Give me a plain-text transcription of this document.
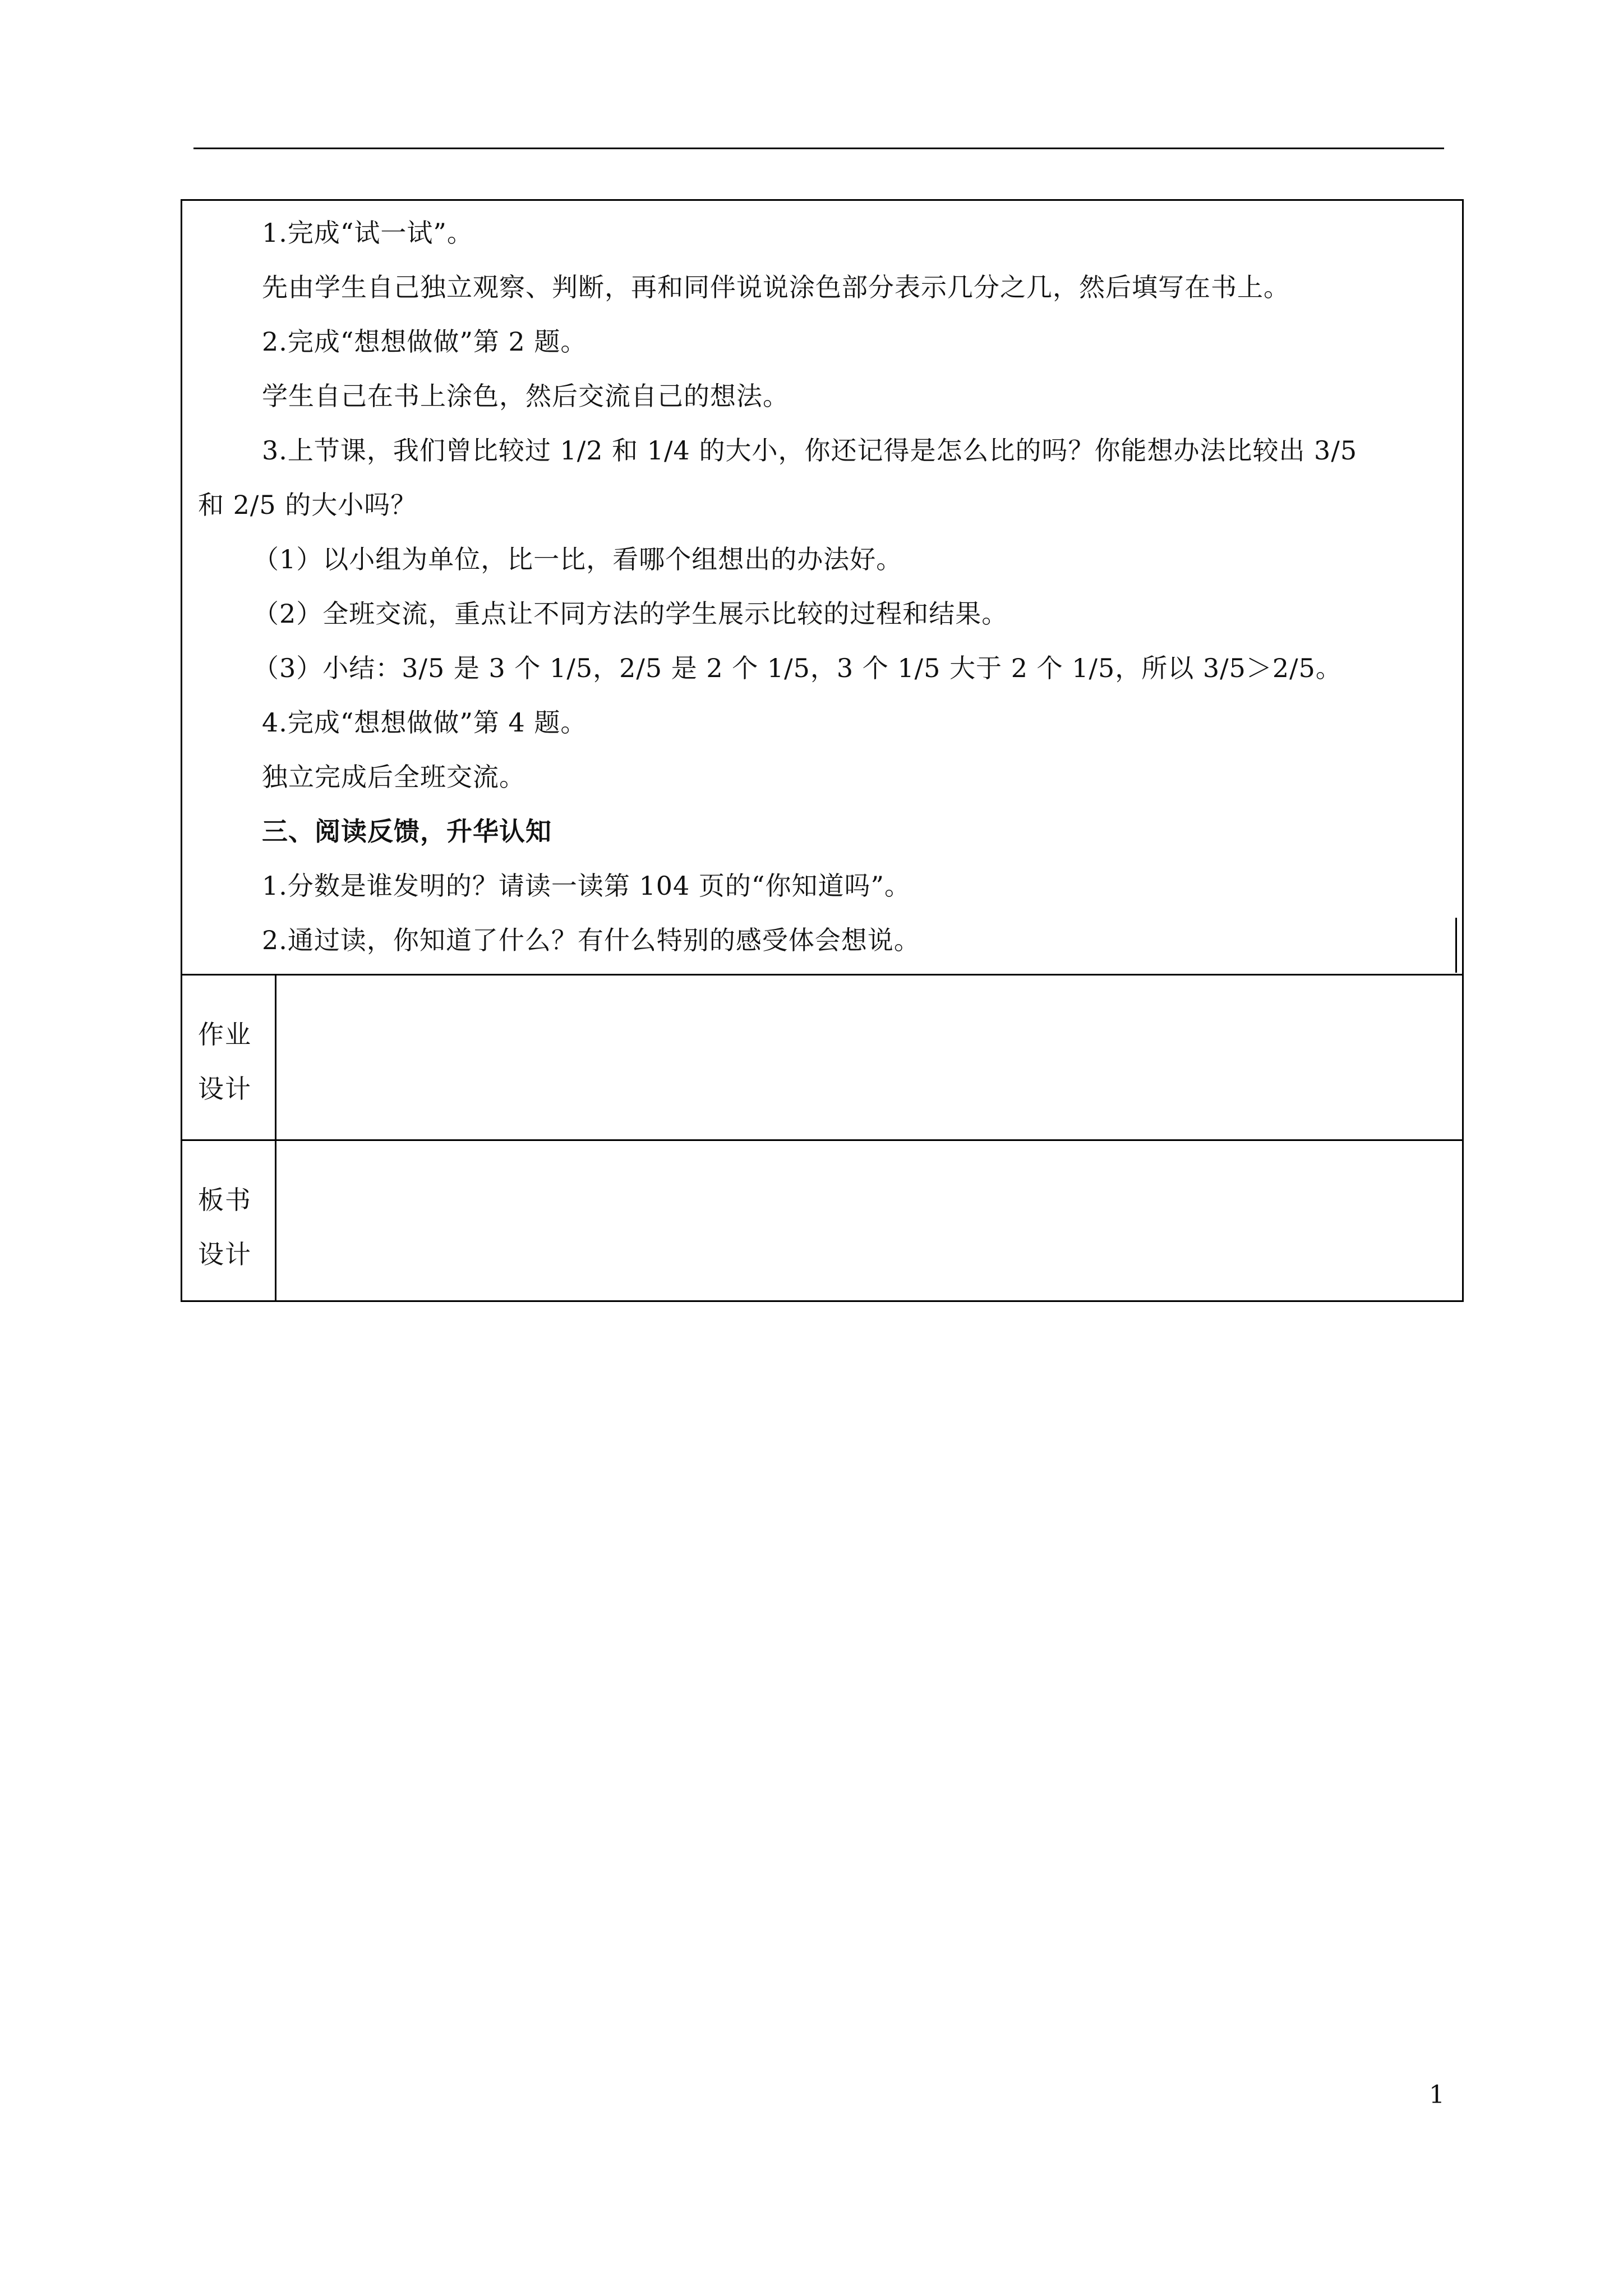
1.完成“试一试”。
先由学生自己独立观察、判断，再和同伴说说涂色部分表示几分之几，然后填写在书上。
2.完成“想想做做”第 2 题。
学生自己在书上涂色，然后交流自己的想法。
3.上节课，我们曾比较过 1/2 和 1/4 的大小，你还记得是怎么比的吗？你能想办法比较出 3/5
和 2/5 的大小吗？
（1）以小组为单位，比一比，看哪个组想出的办法好。
（2）全班交流，重点让不同方法的学生展示比较的过程和结果。
（3）小结：3/5 是 3 个 1/5，2/5 是 2 个 1/5，3 个 1/5 大于 2 个 1/5，所以 3/5＞2/5。
4.完成“想想做做”第 4 题。
独立完成后全班交流。
三、阅读反馈，升华认知
1.分数是谁发明的？请读一读第 104 页的“你知道吗”。
2.通过读，你知道了什么？有什么特别的感受体会想说。
作业
设计
板书
设计
1
